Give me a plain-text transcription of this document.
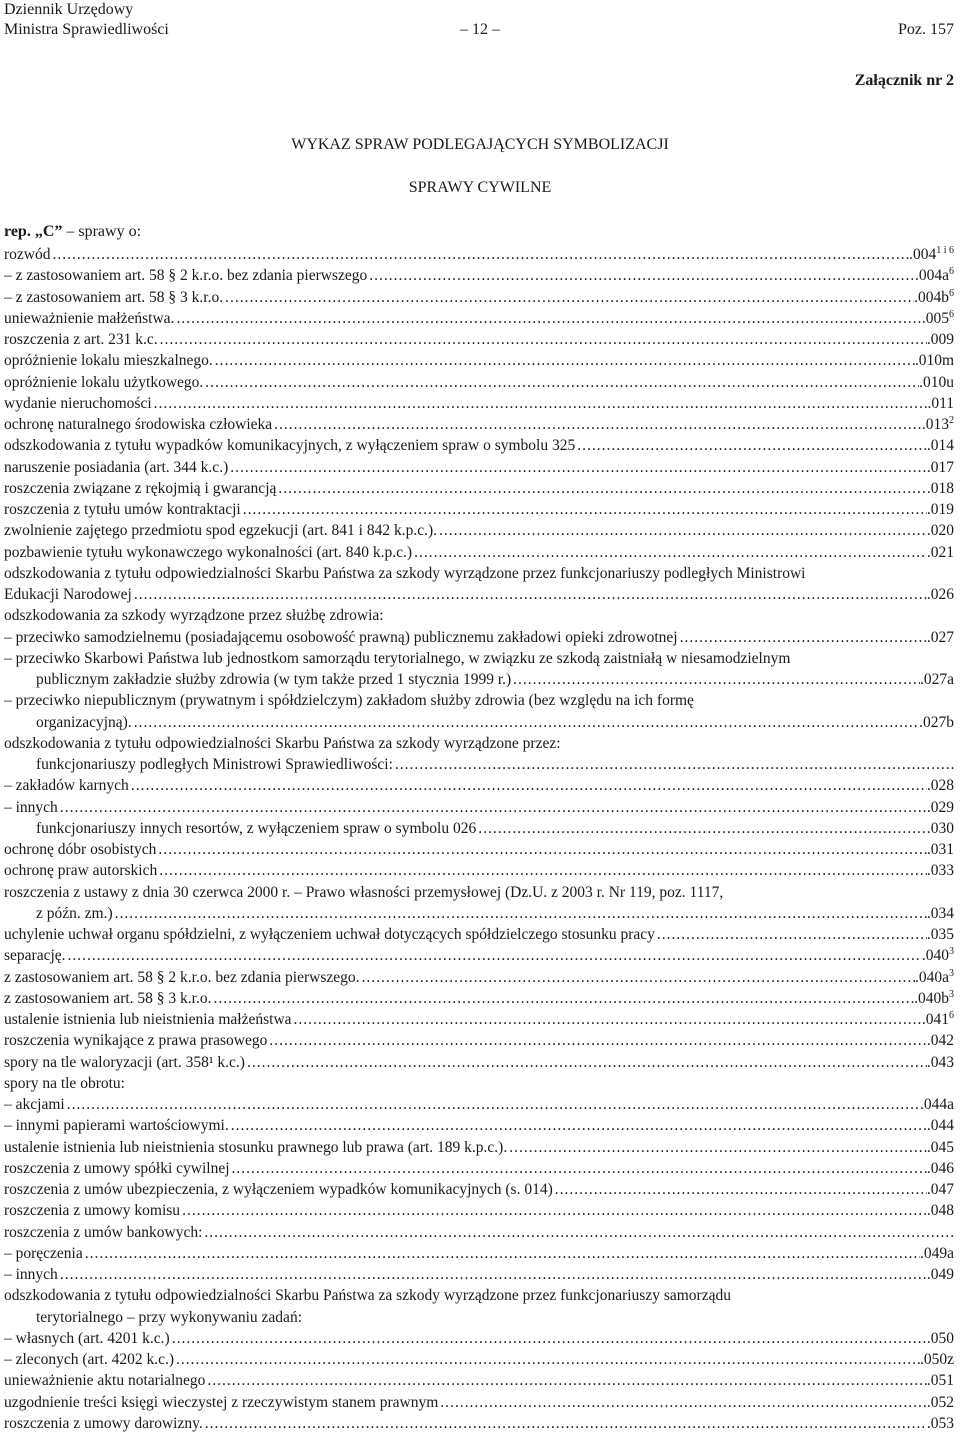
Dziennik Urzędowy
Ministra Sprawiedliwości	– 12 –	Poz. 157
Załącznik nr 2
WYKAZ SPRAW PODLEGAJĄCYCH SYMBOLIZACJI
SPRAWY CYWILNE
rep. „C” – sprawy o:
rozwód .....	$.004^{1 i 6}$
– z zastosowaniem art. 58 § 2 k.r.o. bez zdania pierwszego .....	$.004a^6$
– z zastosowaniem art. 58 § 3 k.r.o. .....	$.004b^6$
unieważnienie małżeństwa. .....	.005$^6$
roszczenia z art. 231 k.c. .....	.009
opróżnienie lokalu mieszkalnego. .....	.010m
opróżnienie lokalu użytkowego. .....	.010u
wydanie nieruchomości .....	.011
ochronę naturalnego środowiska człowieka .....	.013$^2$
odszkodowania z tytułu wypadków komunikacyjnych, z wyłączeniem spraw o symbolu 325 .....	.014
naruszenie posiadania (art. 344 k.c.) .....	.017
roszczenia związane z rękojmią i gwarancją .....	.018
roszczenia z tytułu umów kontraktacji .....	.019
zwolnienie zajętego przedmiotu spod egzekucji (art. 841 i 842 k.p.c.). .....	.020
pozbawienie tytułu wykonawczego wykonalności (art. 840 k.p.c.) .....	.021
odszkodowania z tytułu odpowiedzialności Skarbu Państwa za szkody wyrządzone przez funkcjonariuszy podległych Ministrowi
Edukacji Narodowej .....	.026
odszkodowania za szkody wyrządzone przez służbę zdrowia:
– przeciwko samodzielnemu (posiadającemu osobowość prawną) publicznemu zakładowi opieki zdrowotnej .....	.027
– przeciwko Skarbowi Państwa lub jednostkom samorządu terytorialnego, w związku ze szkodą zaistniałą w niesamodzielnym
publicznym zakładzie służby zdrowia (w tym także przed 1 stycznia 1999 r.) .....	.027a
– przeciwko niepublicznym (prywatnym i spółdzielczym) zakładom służby zdrowia (bez względu na ich formę
organizacyjną). .....	.027b
odszkodowania z tytułu odpowiedzialności Skarbu Państwa za szkody wyrządzone przez:
funkcjonariuszy podległych Ministrowi Sprawiedliwości:
.....
– zakładów karnych .....	.028
– innych .....	.029
funkcjonariuszy innych resortów, z wyłączeniem spraw o symbolu 026 .....	.030
ochronę dóbr osobistych .....	.031
ochronę praw autorskich .....	.033
roszczenia z ustawy z dnia 30 czerwca 2000 r. – Prawo własności przemysłowej (Dz.U. z 2003 r. Nr 119, poz. 1117,
z późn. zm.) .....	.034
uchylenie uchwał organu spółdzielni, z wyłączeniem uchwał dotyczących spółdzielczego stosunku pracy .....	.035
separację. .....	.040$^3$
z zastosowaniem art. 58 § 2 k.r.o. bez zdania pierwszego. .....	$.040a^3$
z zastosowaniem art. 58 § 3 k.r.o. .....	$.040b^3$
ustalenie istnienia lub nieistnienia małżeństwa .....	.041$^6$
roszczenia wynikające z prawa prasowego .....	.042
spory na tle waloryzacji (art. 358¹ k.c.) .....	.043
spory na tle obrotu:
– akcjami .....	.044a
– innymi papierami wartościowymi. .....	.044
ustalenie istnienia lub nieistnienia stosunku prawnego lub prawa (art. 189 k.p.c.). .....	.045
roszczenia z umowy spółki cywilnej .....	.046
roszczenia z umów ubezpieczenia, z wyłączeniem wypadków komunikacyjnych (s. 014) .....	.047
roszczenia z umowy komisu .....	.048
roszczenia z umów bankowych:
.....
– poręczenia .....	.049a
– innych .....	.049
odszkodowania z tytułu odpowiedzialności Skarbu Państwa za szkody wyrządzone przez funkcjonariuszy samorządu
terytorialnego – przy wykonywaniu zadań:
– własnych (art. 4201 k.c.) .....	.050
– zleconych (art. 4202 k.c.) .....	.050z
unieważnienie aktu notarialnego .....	.051
uzgodnienie treści księgi wieczystej z rzeczywistym stanem prawnym .....	.052
roszczenia z umowy darowizny. .....	.053
